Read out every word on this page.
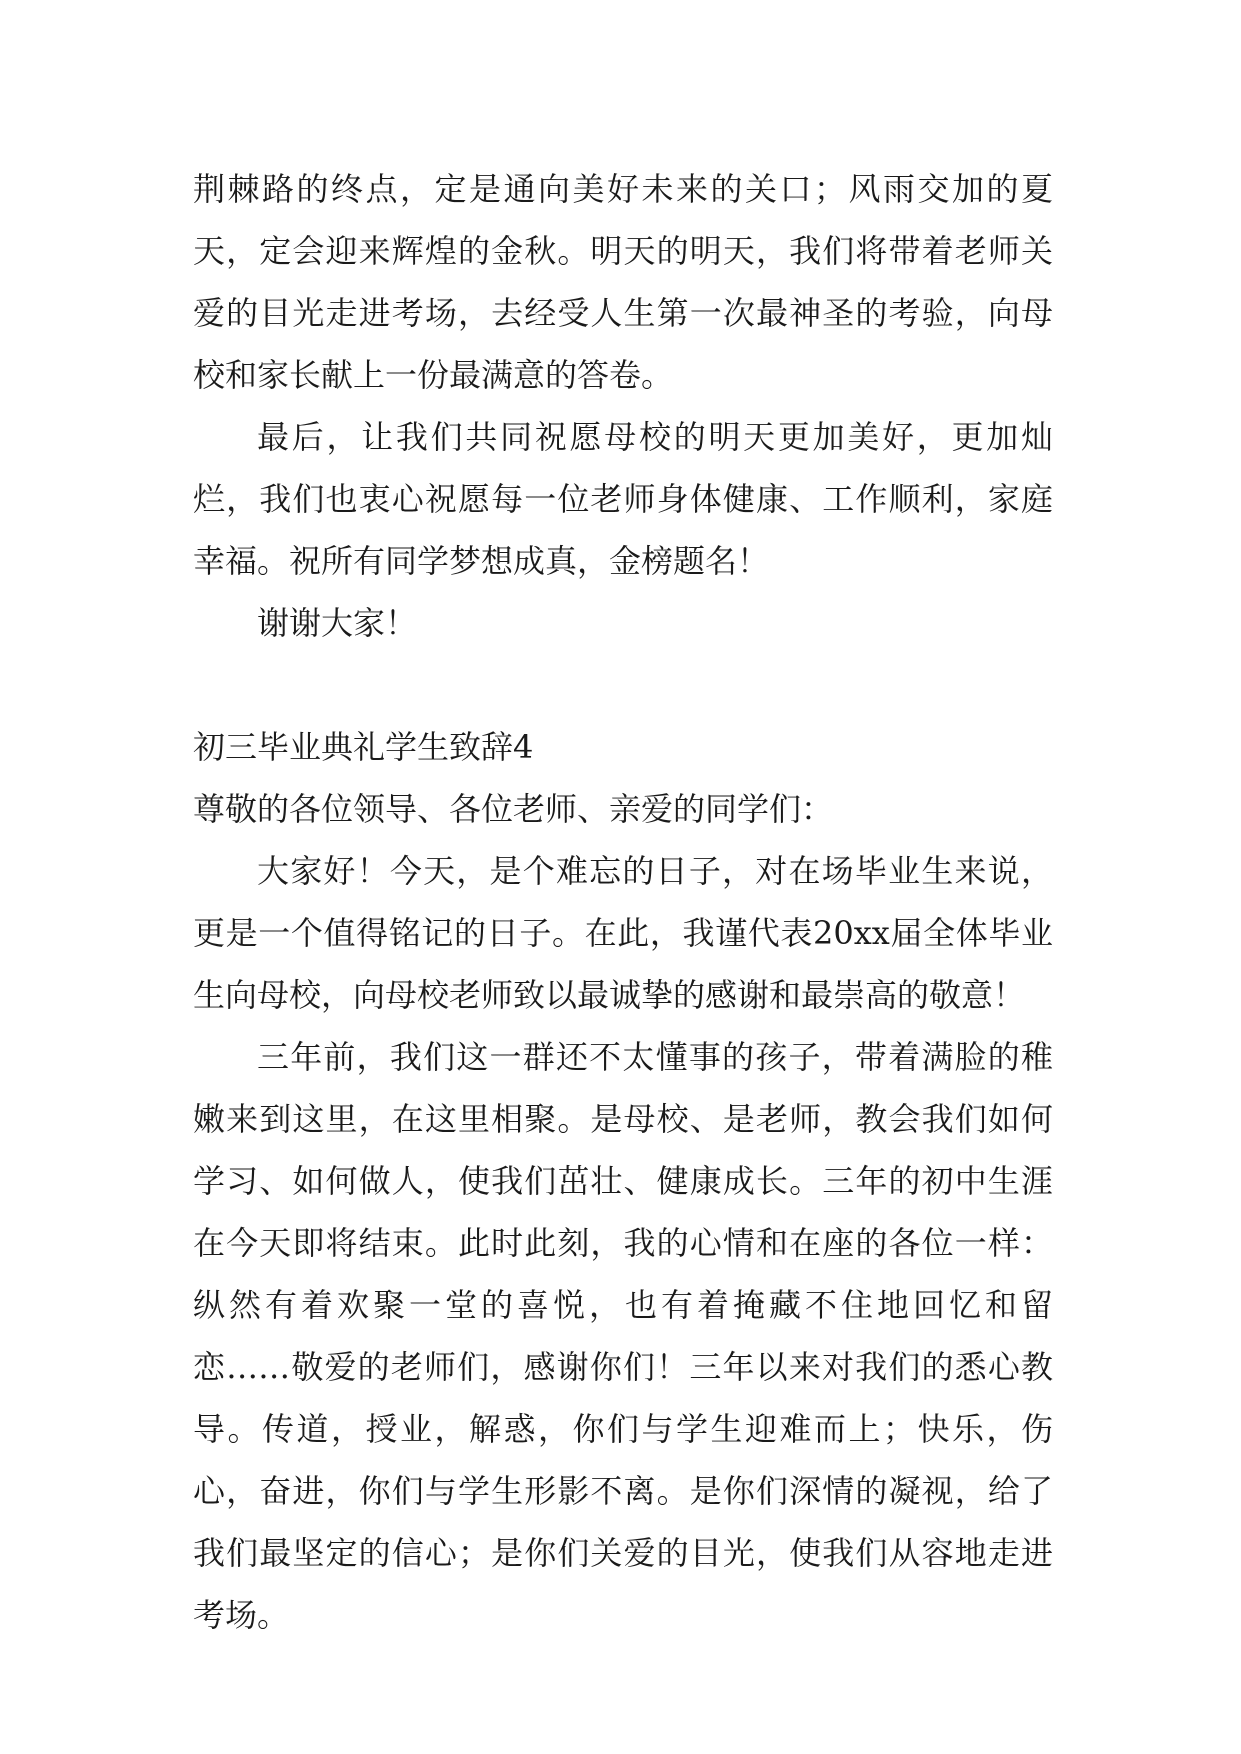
荆棘路的终点，定是通向美好未来的关口；风雨交加的夏天，定会迎来辉煌的金秋。明天的明天，我们将带着老师关爱的目光走进考场，去经受人生第一次最神圣的考验，向母校和家长献上一份最满意的答卷。

最后，让我们共同祝愿母校的明天更加美好，更加灿烂，我们也衷心祝愿每一位老师身体健康、工作顺利，家庭幸福。祝所有同学梦想成真，金榜题名！

谢谢大家！

初三毕业典礼学生致辞4

尊敬的各位领导、各位老师、亲爱的同学们：

大家好！今天，是个难忘的日子，对在场毕业生来说，更是一个值得铭记的日子。在此，我谨代表20xx届全体毕业生向母校，向母校老师致以最诚挚的感谢和最崇高的敬意！

三年前，我们这一群还不太懂事的孩子，带着满脸的稚嫩来到这里，在这里相聚。是母校、是老师，教会我们如何学习、如何做人，使我们茁壮、健康成长。三年的初中生涯在今天即将结束。此时此刻，我的心情和在座的各位一样：纵然有着欢聚一堂的喜悦，也有着掩藏不住地回忆和留恋……敬爱的老师们，感谢你们！三年以来对我们的悉心教导。传道，授业，解惑，你们与学生迎难而上；快乐，伤心，奋进，你们与学生形影不离。是你们深情的凝视，给了我们最坚定的信心；是你们关爱的目光，使我们从容地走进考场。
